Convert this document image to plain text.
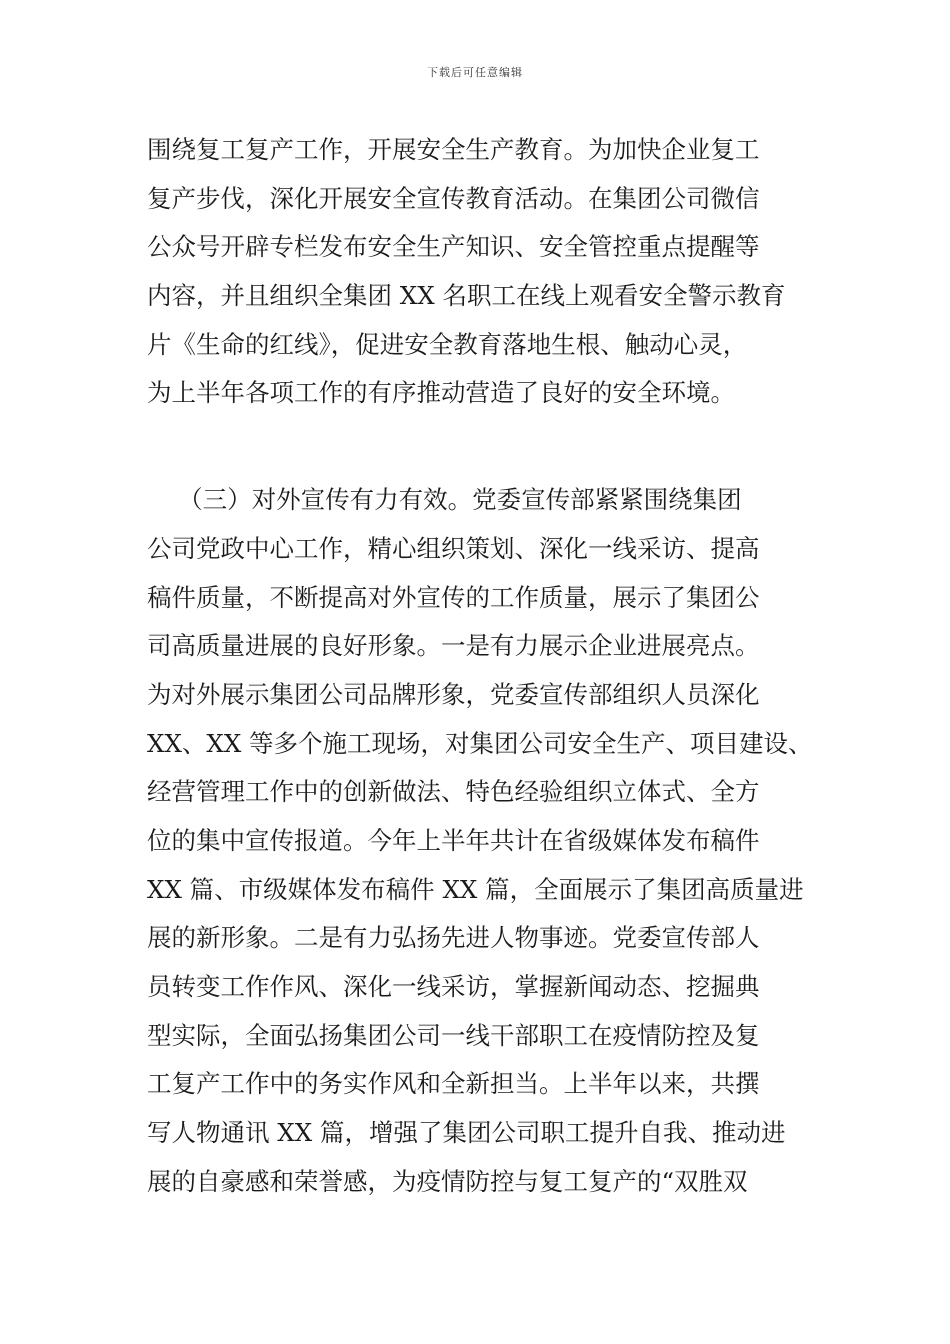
下载后可任意编辑
围绕复工复产工作，开展安全生产教育。为加快企业复工
复产步伐，深化开展安全宣传教育活动。在集团公司微信
公众号开辟专栏发布安全生产知识、安全管控重点提醒等
内容，并且组织全集团 XX 名职工在线上观看安全警示教育
片《生命的红线》，促进安全教育落地生根、触动心灵，
为上半年各项工作的有序推动营造了良好的安全环境。
（三）对外宣传有力有效。党委宣传部紧紧围绕集团
公司党政中心工作，精心组织策划、深化一线采访、提高
稿件质量，不断提高对外宣传的工作质量，展示了集团公
司高质量进展的良好形象。一是有力展示企业进展亮点。
为对外展示集团公司品牌形象，党委宣传部组织人员深化
XX、XX 等多个施工现场，对集团公司安全生产、项目建设、
经营管理工作中的创新做法、特色经验组织立体式、全方
位的集中宣传报道。今年上半年共计在省级媒体发布稿件
XX 篇、市级媒体发布稿件 XX 篇，全面展示了集团高质量进
展的新形象。二是有力弘扬先进人物事迹。党委宣传部人
员转变工作作风、深化一线采访，掌握新闻动态、挖掘典
型实际，全面弘扬集团公司一线干部职工在疫情防控及复
工复产工作中的务实作风和全新担当。上半年以来，共撰
写人物通讯 XX 篇，增强了集团公司职工提升自我、推动进
展的自豪感和荣誉感，为疫情防控与复工复产的“双胜双
